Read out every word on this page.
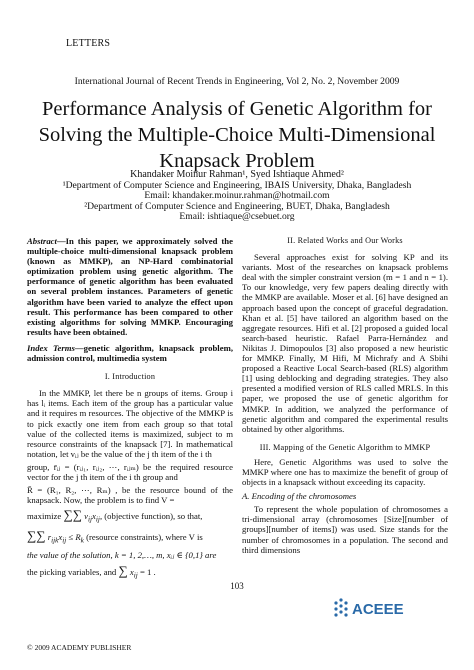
LETTERS
International Journal of Recent Trends in Engineering, Vol 2, No. 2, November 2009
Performance Analysis of Genetic Algorithm for
Solving the Multiple-Choice Multi-Dimensional
Knapsack Problem
Khandaker Moinur Rahman¹, Syed Ishtiaque Ahmed²
¹Department of Computer Science and Engineering, IBAIS University, Dhaka, Bangladesh
Email: khandaker.moinur.rahman@hotmail.com
²Department of Computer Science and Engineering, BUET, Dhaka, Bangladesh
Email: ishtiaque@csebuet.org
Abstract—In this paper, we approximately solved the multiple-choice multi-dimensional knapsack problem (known as MMKP), an NP-Hard combinatorial optimization problem using genetic algorithm. The performance of genetic algorithm has been evaluated on several problem instances. Parameters of genetic algorithm have been varied to analyze the effect upon result. This performance has been compared to other existing algorithms for solving MMKP. Encouraging results have been obtained.
Index Terms—genetic algorithm, knapsack problem, admission control, multimedia system
I. Introduction
In the MMKP, let there be n groups of items. Group i has lᵢ items. Each item of the group has a particular value and it requires m resources. The objective of the MMKP is to pick exactly one item from each group so that total value of the collected items is maximized, subject to m resource constraints of the knapsack [7]. In mathematical notation, let vᵢⱼ be the value of the j th item of the i th
group, r̄ᵢⱼ = (rᵢⱼ₁, rᵢⱼ₂, ⋯, rᵢⱼₘ) be the required resource vector for the j th item of the i th group and
R̄ = (R₁, R₂, ⋯, Rₘ) , be the resource bound of the knapsack. Now, the problem is to find V =
maximize ∑∑ $v_{ij}x_{ij}$, (objective function), so that,
∑∑ $r_{ijk}x_{ij} \le R_k$ (resource constraints), where V is
the value of the solution, k = 1, 2,…, m, xᵢⱼ ∈ {0,1} are
the picking variables, and ∑ $x_{ij} = 1$ .
II. Related Works and Our Works
Several approaches exist for solving KP and its variants. Most of the researches on knapsack problems deal with the simpler constraint version (m = 1 and n = 1). To our knowledge, very few papers dealing directly with the MMKP are available. Moser et al. [6] have designed an approach based upon the concept of graceful degradation. Khan et al. [5] have tailored an algorithm based on the aggregate resources. Hifi et al. [2] proposed a guided local search-based heuristic. Rafael Parra-Hernández and Nikitas J. Dimopoulos [3] also proposed a new heuristic for MMKP. Finally, M Hifi, M Michrafy and A Sbihi proposed a Reactive Local Search-based (RLS) algorithm [1] using deblocking and degrading strategies. They also presented a modified version of RLS called MRLS. In this paper, we proposed the use of genetic algorithm for MMKP. In addition, we analyzed the performance of genetic algorithm and compared the experimental results obtained by other algorithms.
III. Mapping of the Genetic Algorithm to MMKP
Here, Genetic Algorithms was used to solve the MMKP where one has to maximize the benefit of group of objects in a knapsack without exceeding its capacity.
A. Encoding of the chromosomes
To represent the whole population of chromosomes a tri-dimensional array (chromosomes [Size][number of groups][number of items]) was used. Size stands for the number of chromosomes in a population. The second and third dimensions
103
ACEEE
© 2009 ACADEMY PUBLISHER
